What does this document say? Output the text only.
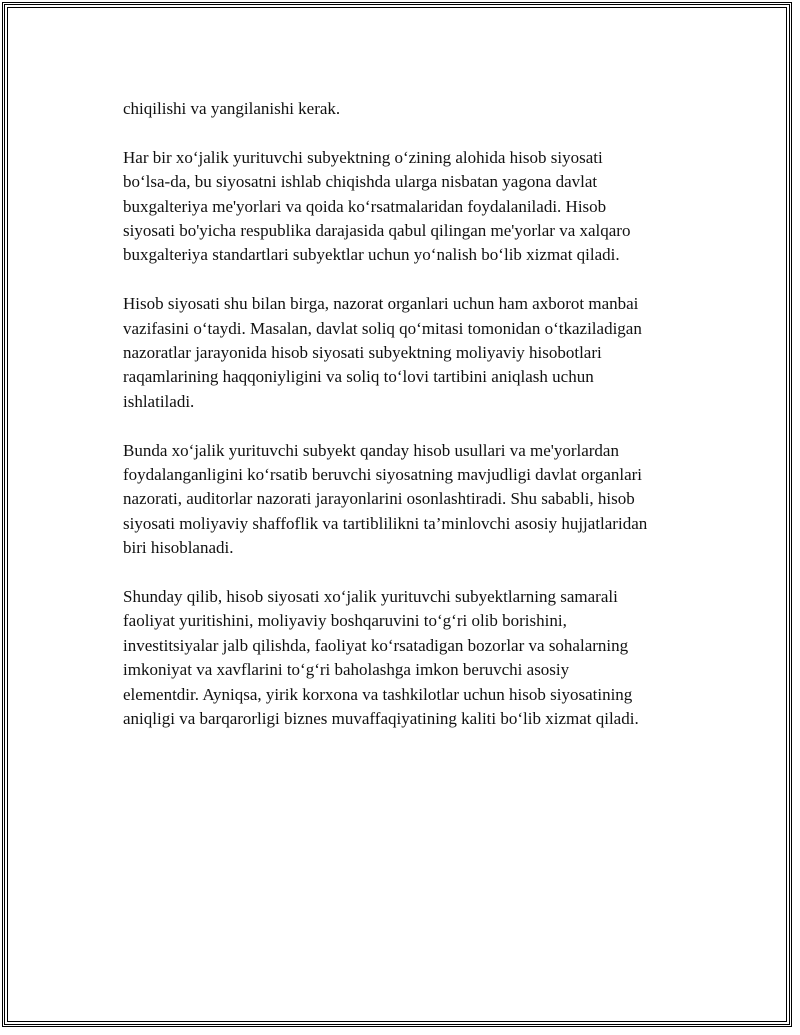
chiqilishi va yangilanishi kerak.

Har bir xo‘jalik yurituvchi subyektning o‘zining alohida hisob siyosati
bo‘lsa-da, bu siyosatni ishlab chiqishda ularga nisbatan yagona davlat
buxgalteriya me'yorlari va qoida ko‘rsatmalaridan foydalaniladi. Hisob
siyosati bo'yicha respublika darajasida qabul qilingan me'yorlar va xalqaro
buxgalteriya standartlari subyektlar uchun yo‘nalish bo‘lib xizmat qiladi.

Hisob siyosati shu bilan birga, nazorat organlari uchun ham axborot manbai
vazifasini o‘taydi. Masalan, davlat soliq qo‘mitasi tomonidan o‘tkaziladigan
nazoratlar jarayonida hisob siyosati subyektning moliyaviy hisobotlari
raqamlarining haqqoniyligini va soliq to‘lovi tartibini aniqlash uchun
ishlatiladi.

Bunda xo‘jalik yurituvchi subyekt qanday hisob usullari va me'yorlardan
foydalanganligini ko‘rsatib beruvchi siyosatning mavjudligi davlat organlari
nazorati, auditorlar nazorati jarayonlarini osonlashtiradi. Shu sababli, hisob
siyosati moliyaviy shaffoflik va tartiblilikni ta’minlovchi asosiy hujjatlaridan
biri hisoblanadi.

Shunday qilib, hisob siyosati xo‘jalik yurituvchi subyektlarning samarali
faoliyat yuritishini, moliyaviy boshqaruvini to‘g‘ri olib borishini,
investitsiyalar jalb qilishda, faoliyat ko‘rsatadigan bozorlar va sohalarning
imkoniyat va xavflarini to‘g‘ri baholashga imkon beruvchi asosiy
elementdir. Ayniqsa, yirik korxona va tashkilotlar uchun hisob siyosatining
aniqligi va barqarorligi biznes muvaffaqiyatining kaliti bo‘lib xizmat qiladi.
